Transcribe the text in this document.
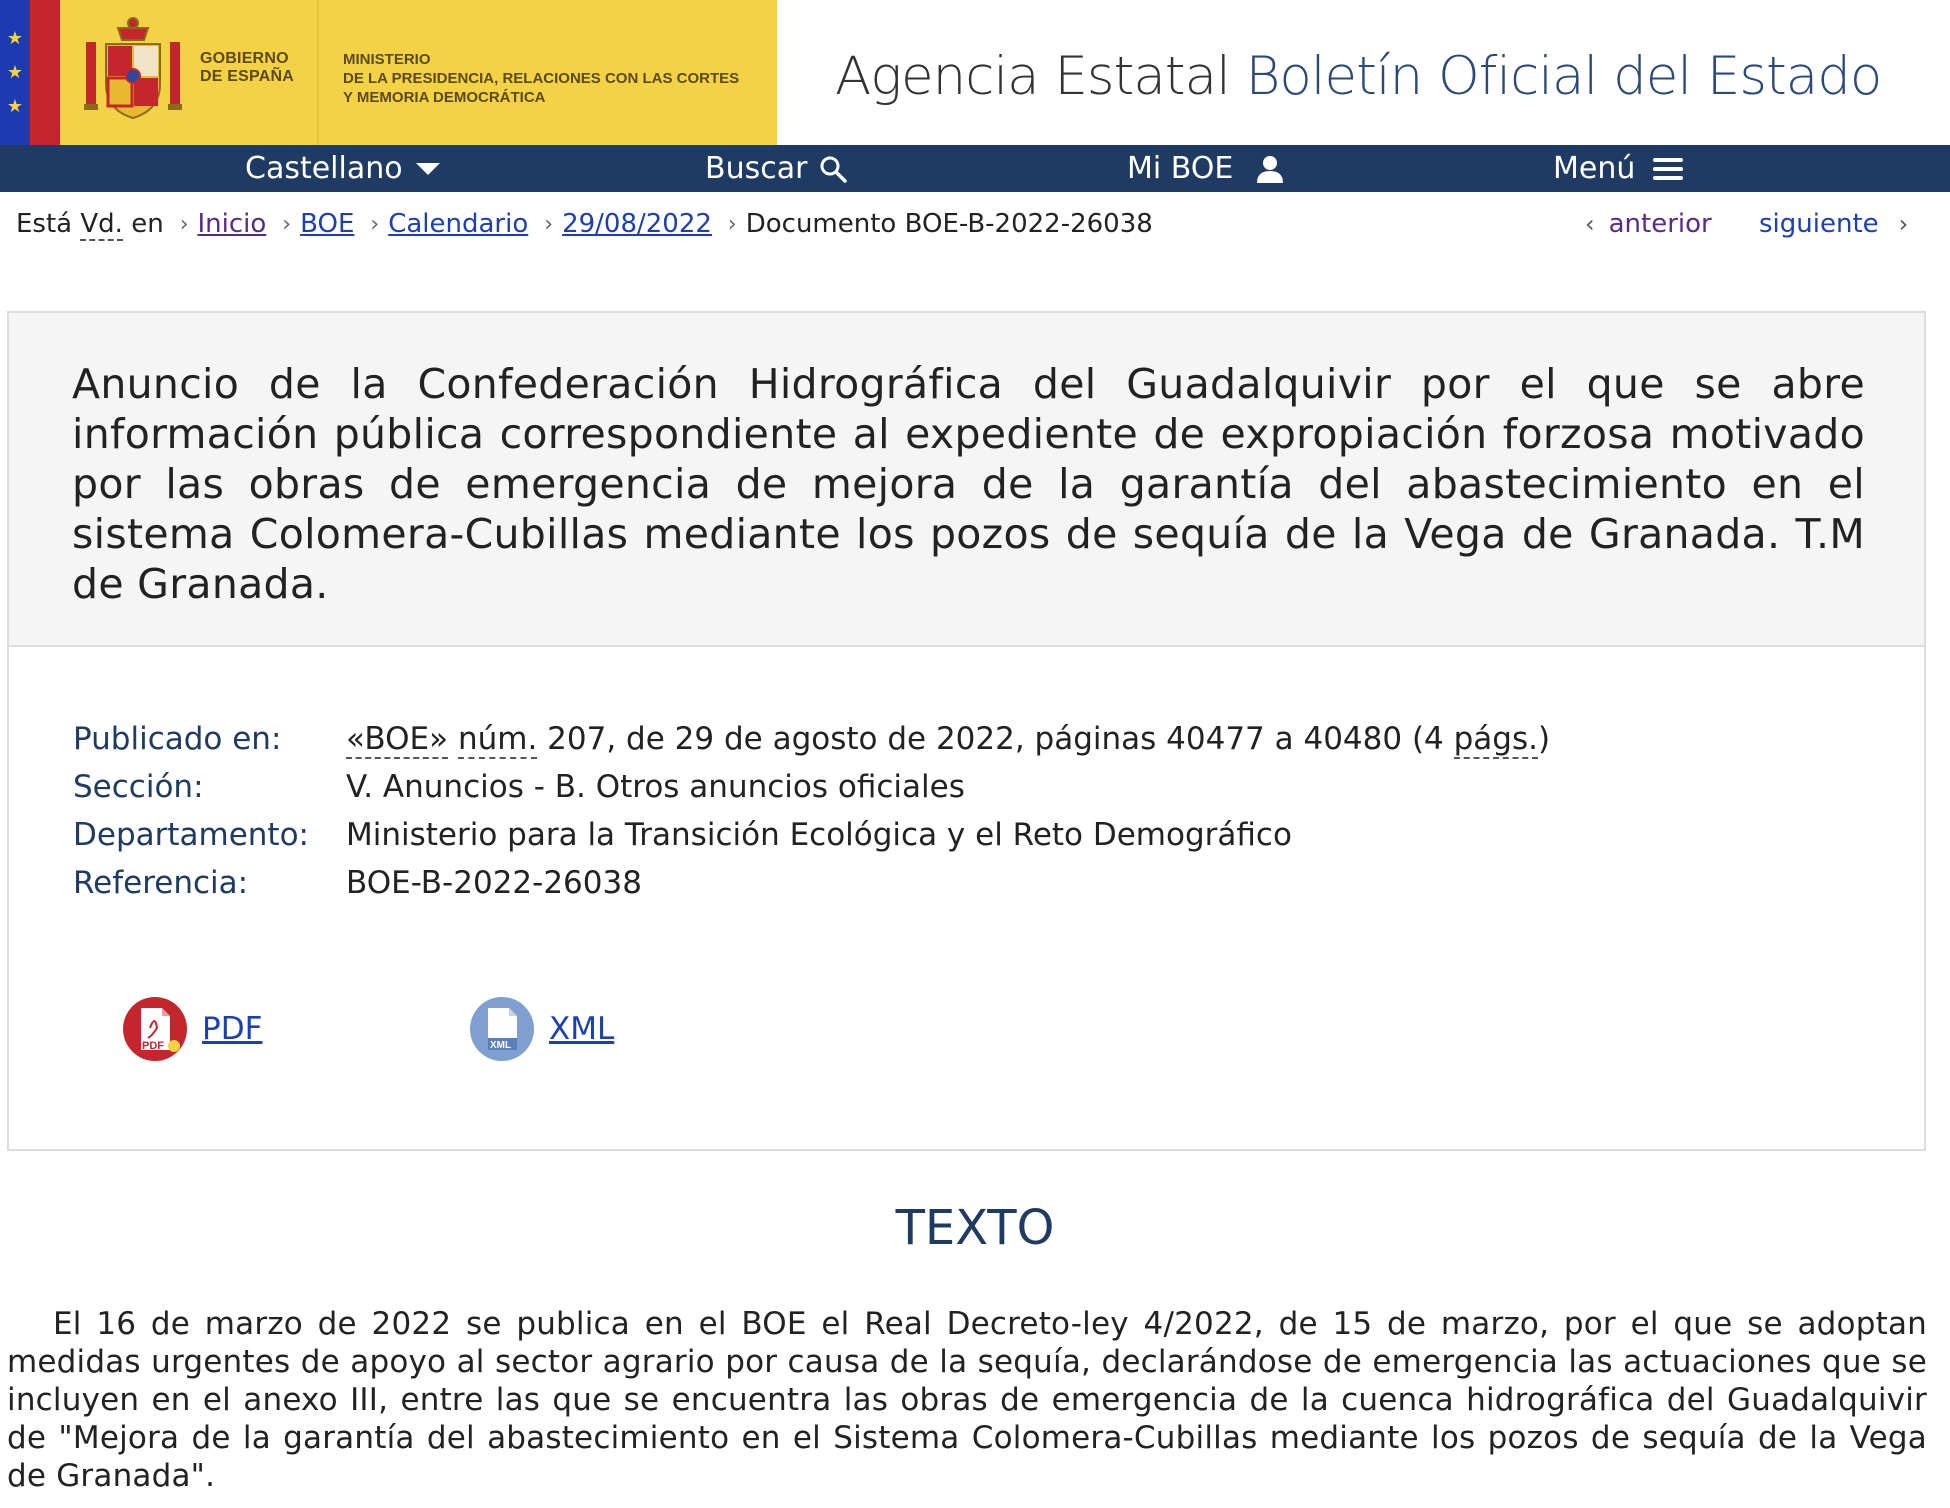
★
★
★
GOBIERNO
DE ESPAÑA
MINISTERIO
DE LA PRESIDENCIA, RELACIONES CON LAS CORTES
Y MEMORIA DEMOCRÁTICA	Agencia Estatal Boletín Oficial del Estado
Castellano	Buscar	Mi BOE	Menú
Está Vd. en › Inicio › BOE › Calendario › 29/08/2022 › Documento BOE-B-2022-26038	‹ anterior siguiente ›
Anuncio de la Confederación Hidrográfica del Guadalquivir por el que se abre información pública correspondiente al expediente de expropiación forzosa motivado por las obras de emergencia de mejora de la garantía del abastecimiento en el sistema Colomera-Cubillas mediante los pozos de sequía de la Vega de Granada. T.M de Granada.
Publicado en:	«BOE» núm. 207, de 29 de agosto de 2022, páginas 40477 a 40480 (4 págs.)
Sección:	V. Anuncios - B. Otros anuncios oficiales
Departamento:	Ministerio para la Transición Ecológica y el Reto Demográfico
Referencia:	BOE-B-2022-26038
PDF PDF	XML XML
TEXTO

El 16 de marzo de 2022 se publica en el BOE el Real Decreto-ley 4/2022, de 15 de marzo, por el que se adoptan medidas urgentes de apoyo al sector agrario por causa de la sequía, declarándose de emergencia las actuaciones que se incluyen en el anexo III, entre las que se encuentra las obras de emergencia de la cuenca hidrográfica del Guadalquivir de "Mejora de la garantía del abastecimiento en el Sistema Colomera-Cubillas mediante los pozos de sequía de la Vega de Granada".
